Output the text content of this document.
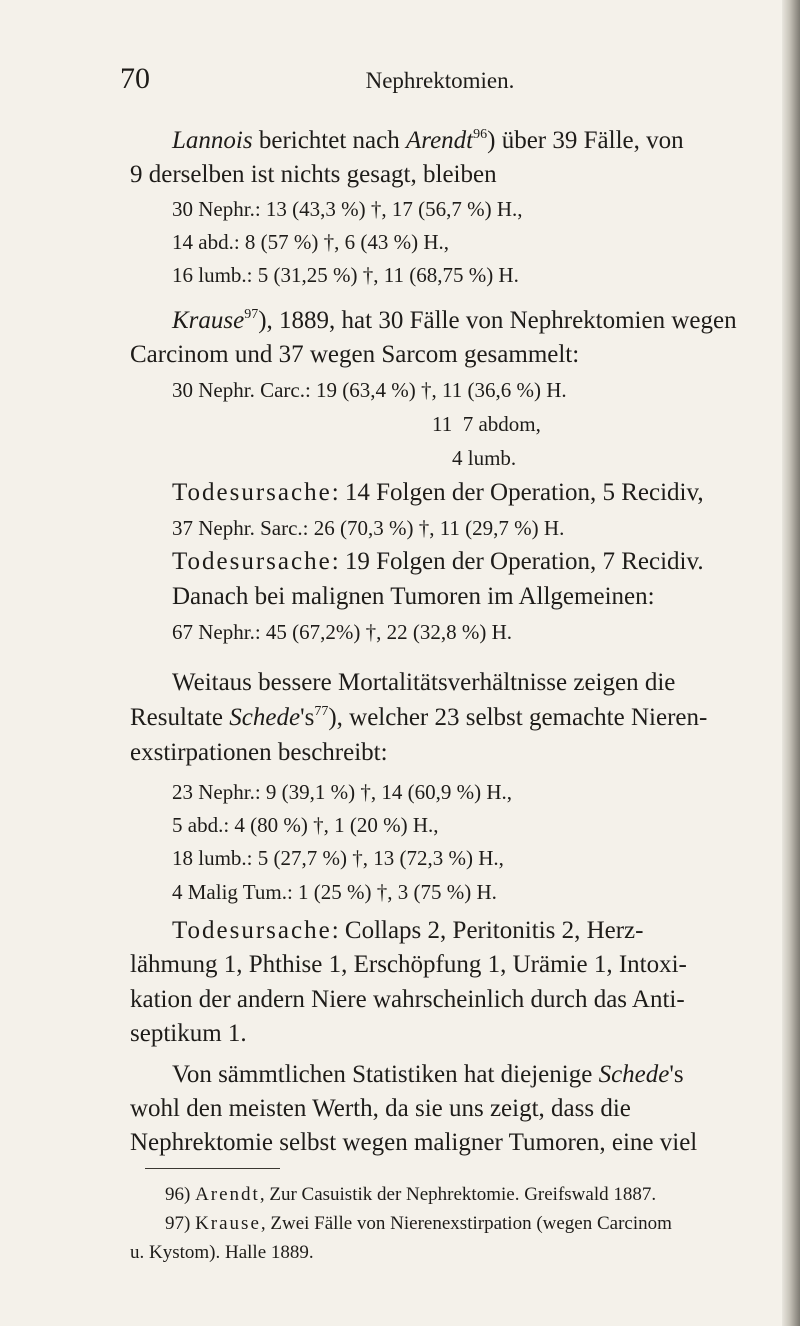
70	Nephrektomien.
Lannois berichtet nach Arendt$^{96}$) über 39 Fälle, von
9 derselben ist nichts gesagt, bleiben
30 Nephr.: 13 (43,3 %) †, 17 (56,7 %) H.,
14 abd.: 8 (57 %) †, 6 (43 %) H.,
16 lumb.: 5 (31,25 %) †, 11 (68,75 %) H.
Krause$^{97}$), 1889, hat 30 Fälle von Nephrektomien wegen
Carcinom und 37 wegen Sarcom gesammelt:
30 Nephr. Carc.: 19 (63,4 %) †, 11 (36,6 %) H.
11  7 abdom,
4 lumb.
Todesursache: 14 Folgen der Operation, 5 Recidiv,
37 Nephr. Sarc.: 26 (70,3 %) †, 11 (29,7 %) H.
Todesursache: 19 Folgen der Operation, 7 Recidiv.
Danach bei malignen Tumoren im Allgemeinen:
67 Nephr.: 45 (67,2%) †, 22 (32,8 %) H.
Weitaus bessere Mortalitätsverhältnisse zeigen die
Resultate $Schede's^{77}$), welcher 23 selbst gemachte Nieren-
exstirpationen beschreibt:
23 Nephr.: 9 (39,1 %) †, 14 (60,9 %) H.,
5 abd.: 4 (80 %) †, 1 (20 %) H.,
18 lumb.: 5 (27,7 %) †, 13 (72,3 %) H.,
4 Malig Tum.: 1 (25 %) †, 3 (75 %) H.
Todesursache: Collaps 2, Peritonitis 2, Herz-
lähmung 1, Phthise 1, Erschöpfung 1, Urämie 1, Intoxi-
kation der andern Niere wahrscheinlich durch das Anti-
septikum 1.
Von sämmtlichen Statistiken hat diejenige Schede's
wohl den meisten Werth, da sie uns zeigt, dass die
Nephrektomie selbst wegen maligner Tumoren, eine viel
96) Arendt, Zur Casuistik der Nephrektomie. Greifswald 1887.
97) Krause, Zwei Fälle von Nierenexstirpation (wegen Carcinom
u. Kystom). Halle 1889.
